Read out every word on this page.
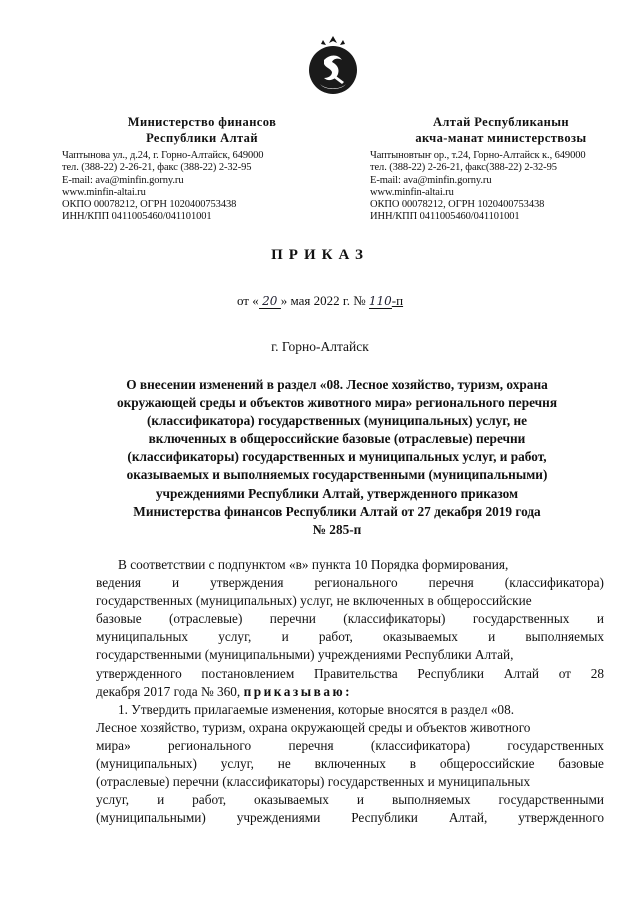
Министерство финансов
Республики Алтай
Чаптынова ул., д.24, г. Горно-Алтайск, 649000
тел. (388-22) 2-26-21, факс (388-22) 2-32-95
E-mail: ava@minfin.gorny.ru
www.minfin-altai.ru
ОКПО 00078212, ОГРН 1020400753438
ИНН/КПП 0411005460/041101001
Алтай Республиканын
акча-манат министерствозы
Чаптыновтыҥ ор., т.24, Горно-Алтайск к., 649000
тел. (388-22) 2-26-21, факс(388-22) 2-32-95
E-mail: ava@minfin.gorny.ru
www.minfin-altai.ru
ОКПО 00078212, ОГРН 1020400753438
ИНН/КПП 0411005460/041101001
ПРИКАЗ
от « 20 » мая 2022 г. № 110-п
г. Горно-Алтайск
О внесении изменений в раздел «08. Лесное хозяйство, туризм, охрана
окружающей среды и объектов животного мира» регионального перечня
(классификатора) государственных (муниципальных) услуг, не
включенных в общероссийские базовые (отраслевые) перечни
(классификаторы) государственных и муниципальных услуг, и работ,
оказываемых и выполняемых государственными (муниципальными)
учреждениями Республики Алтай, утвержденного приказом
Министерства финансов Республики Алтай от 27 декабря 2019 года
№ 285-п
В соответствии с подпунктом «в» пункта 10 Порядка формирования,
ведения и утверждения регионального перечня (классификатора)
государственных (муниципальных) услуг, не включенных в общероссийские
базовые (отраслевые) перечни (классификаторы) государственных и
муниципальных услуг, и работ, оказываемых и выполняемых
государственными (муниципальными) учреждениями Республики Алтай,
утвержденного постановлением Правительства Республики Алтай от 28
декабря 2017 года № 360, приказываю:
1. Утвердить прилагаемые изменения, которые вносятся в раздел «08.
Лесное хозяйство, туризм, охрана окружающей среды и объектов животного
мира»	регионального	перечня	(классификатора)	государственных
(муниципальных) услуг, не включенных в общероссийские базовые
(отраслевые) перечни (классификаторы) государственных и муниципальных
услуг, и работ, оказываемых и выполняемых государственными
(муниципальными) учреждениями Республики Алтай, утвержденного
